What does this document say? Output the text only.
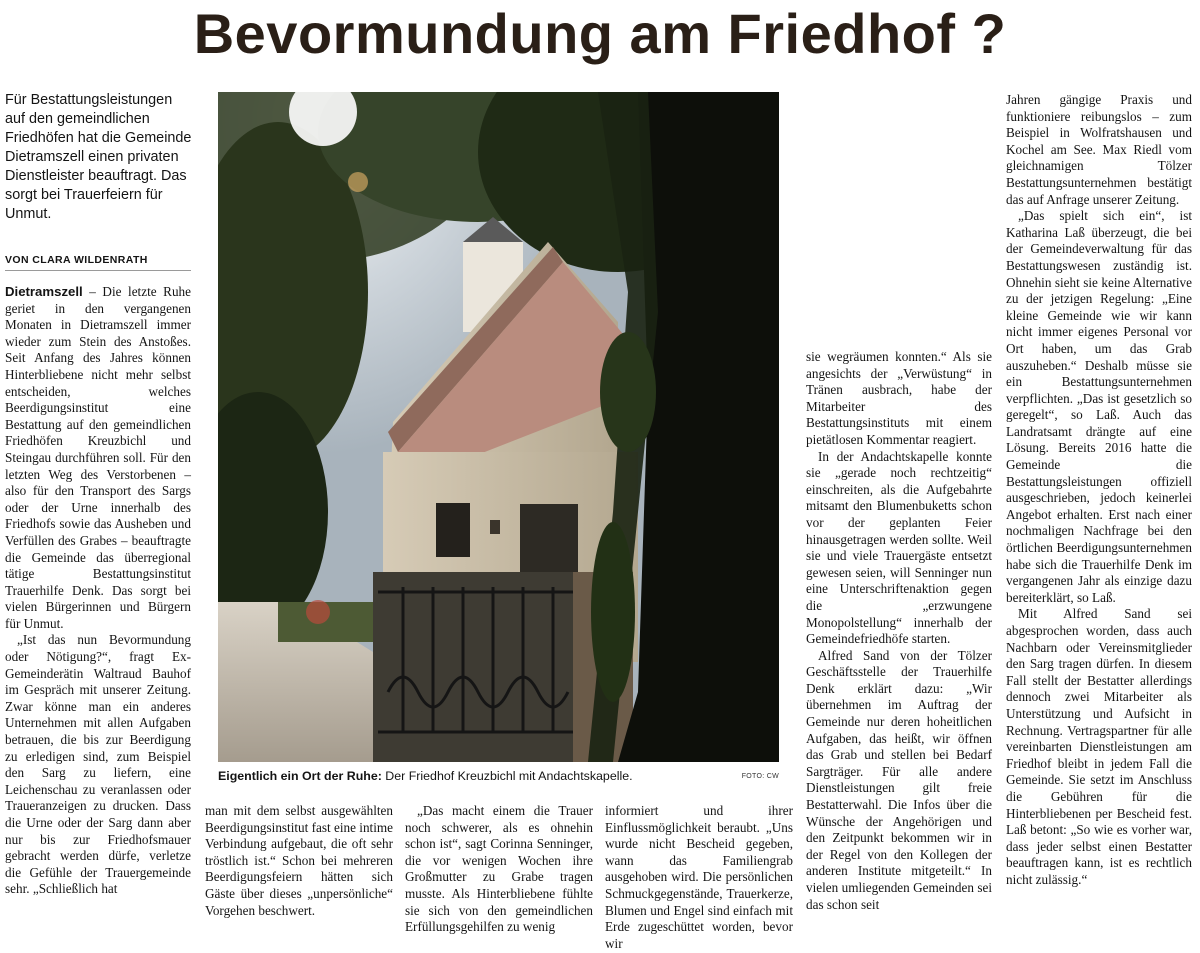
Bevormundung am Friedhof ?
Für Bestattungsleistungen auf den gemeindlichen Friedhöfen hat die Gemeinde Dietramszell einen privaten Dienstleister beauftragt. Das sorgt bei Trauerfeiern für Unmut.
VON CLARA WILDENRATH

Dietramszell – Die letzte Ruhe geriet in den vergangenen Monaten in Dietramszell immer wieder zum Stein des Anstoßes. Seit Anfang des Jahres können Hinterbliebene nicht mehr selbst entscheiden, welches Beerdigungsinstitut eine Bestattung auf den gemeindlichen Friedhöfen Kreuzbichl und Steingau durchführen soll. Für den letzten Weg des Verstorbenen – also für den Transport des Sargs oder der Urne innerhalb des Friedhofs sowie das Ausheben und Verfüllen des Grabes – beauftragte die Gemeinde das überregional tätige Bestattungsinstitut Trauerhilfe Denk. Das sorgt bei vielen Bürgerinnen und Bürgern für Unmut.

„Ist das nun Bevormundung oder Nötigung?“, fragt Ex-Gemeinderätin Waltraud Bauhof im Gespräch mit unserer Zeitung. Zwar könne man ein anderes Unternehmen mit allen Aufgaben betrauen, die bis zur Beerdigung zu erledigen sind, zum Beispiel den Sarg zu liefern, eine Leichenschau zu veranlassen oder Traueranzeigen zu drucken. Dass die Urne oder der Sarg dann aber nur bis zur Friedhofsmauer gebracht werden dürfe, verletze die Gefühle der Trauergemeinde sehr. „Schließlich hat

Eigentlich ein Ort der Ruhe: Der Friedhof Kreuzbichl mit Andachtskapelle.	FOTO: CW

man mit dem selbst ausgewählten Beerdigungsinstitut fast eine intime Verbindung aufgebaut, die oft sehr tröstlich ist.“ Schon bei mehreren Beerdigungsfeiern hätten sich Gäste über dieses „unpersönliche“ Vorgehen beschwert.

„Das macht einem die Trauer noch schwerer, als es ohnehin schon ist“, sagt Corinna Senninger, die vor wenigen Wochen ihre Großmutter zu Grabe tragen musste. Als Hinterbliebene fühlte sie sich von den gemeindlichen Erfüllungsgehilfen zu wenig

informiert und ihrer Einflussmöglichkeit beraubt. „Uns wurde nicht Bescheid gegeben, wann das Familiengrab ausgehoben wird. Die persönlichen Schmuckgegenstände, Trauerkerze, Blumen und Engel sind einfach mit Erde zugeschüttet worden, bevor wir

sie wegräumen konnten.“ Als sie angesichts der „Verwüstung“ in Tränen ausbrach, habe der Mitarbeiter des Bestattungsinstituts mit einem pietätlosen Kommentar reagiert.

In der Andachtskapelle konnte sie „gerade noch rechtzeitig“ einschreiten, als die Aufgebahrte mitsamt den Blumenbuketts schon vor der geplanten Feier hinausgetragen werden sollte. Weil sie und viele Trauergäste entsetzt gewesen seien, will Senninger nun eine Unterschriftenaktion gegen die „erzwungene Monopolstellung“ innerhalb der Gemeindefriedhöfe starten.

Alfred Sand von der Tölzer Geschäftsstelle der Trauerhilfe Denk erklärt dazu: „Wir übernehmen im Auftrag der Gemeinde nur deren hoheitlichen Aufgaben, das heißt, wir öffnen das Grab und stellen bei Bedarf Sargträger. Für alle andere Dienstleistungen gilt freie Bestatterwahl. Die Infos über die Wünsche der Angehörigen und den Zeitpunkt bekommen wir in der Regel von den Kollegen der anderen Institute mitgeteilt.“ In vielen umliegenden Gemeinden sei das schon seit

Jahren gängige Praxis und funktioniere reibungslos – zum Beispiel in Wolfratshausen und Kochel am See. Max Riedl vom gleichnamigen Tölzer Bestattungsunternehmen bestätigt das auf Anfrage unserer Zeitung.

„Das spielt sich ein“, ist Katharina Laß überzeugt, die bei der Gemeindeverwaltung für das Bestattungswesen zuständig ist. Ohnehin sieht sie keine Alternative zu der jetzigen Regelung: „Eine kleine Gemeinde wie wir kann nicht immer eigenes Personal vor Ort haben, um das Grab auszuheben.“ Deshalb müsse sie ein Bestattungsunternehmen verpflichten. „Das ist gesetzlich so geregelt“, so Laß. Auch das Landratsamt drängte auf eine Lösung. Bereits 2016 hatte die Gemeinde die Bestattungsleistungen offiziell ausgeschrieben, jedoch keinerlei Angebot erhalten. Erst nach einer nochmaligen Nachfrage bei den örtlichen Beerdigungsunternehmen habe sich die Trauerhilfe Denk im vergangenen Jahr als einzige dazu bereiterklärt, so Laß.

Mit Alfred Sand sei abgesprochen worden, dass auch Nachbarn oder Vereinsmitglieder den Sarg tragen dürfen. In diesem Fall stellt der Bestatter allerdings dennoch zwei Mitarbeiter als Unterstützung und Aufsicht in Rechnung. Vertragspartner für alle vereinbarten Dienstleistungen am Friedhof bleibt in jedem Fall die Gemeinde. Sie setzt im Anschluss die Gebühren für die Hinterbliebenen per Bescheid fest. Laß betont: „So wie es vorher war, dass jeder selbst einen Bestatter beauftragen kann, ist es rechtlich nicht zulässig.“
